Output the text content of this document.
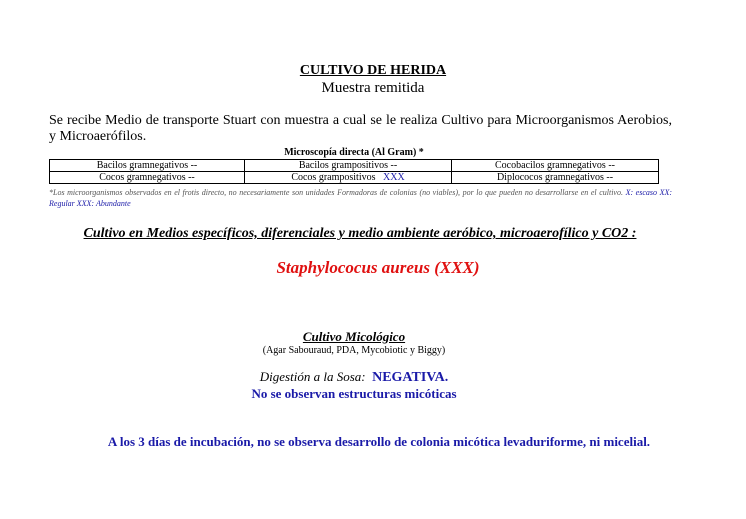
CULTIVO DE HERIDA
Muestra remitida
Se recibe Medio de transporte Stuart con muestra a cual se le realiza Cultivo para Microorganismos Aerobios, y Microaerófilos.
Microscopía directa (Al Gram) *
Bacilos gramnegativos --	Bacilos grampositivos --	Cocobacilos gramnegativos --
Cocos gramnegativos --	Cocos grampositivos XXX	Diplococos gramnegativos --
*Los microorganismos observados en el frotis directo, no necesariamente son unidades Formadoras de colonias (no viables), por lo que pueden no desarrollarse en el cultivo. X: escaso XX: Regular XXX: Abundante
Cultivo en Medios específicos, diferenciales y medio ambiente aeróbico, microaerofílico y CO2 :
Staphylococus aureus (XXX)
Cultivo Micológico
(Agar Sabouraud, PDA, Mycobiotic y Biggy)
Digestión a la Sosa: NEGATIVA.
No se observan estructuras micóticas
A los 3 días de incubación, no se observa desarrollo de colonia micótica levaduriforme, ni micelial.
